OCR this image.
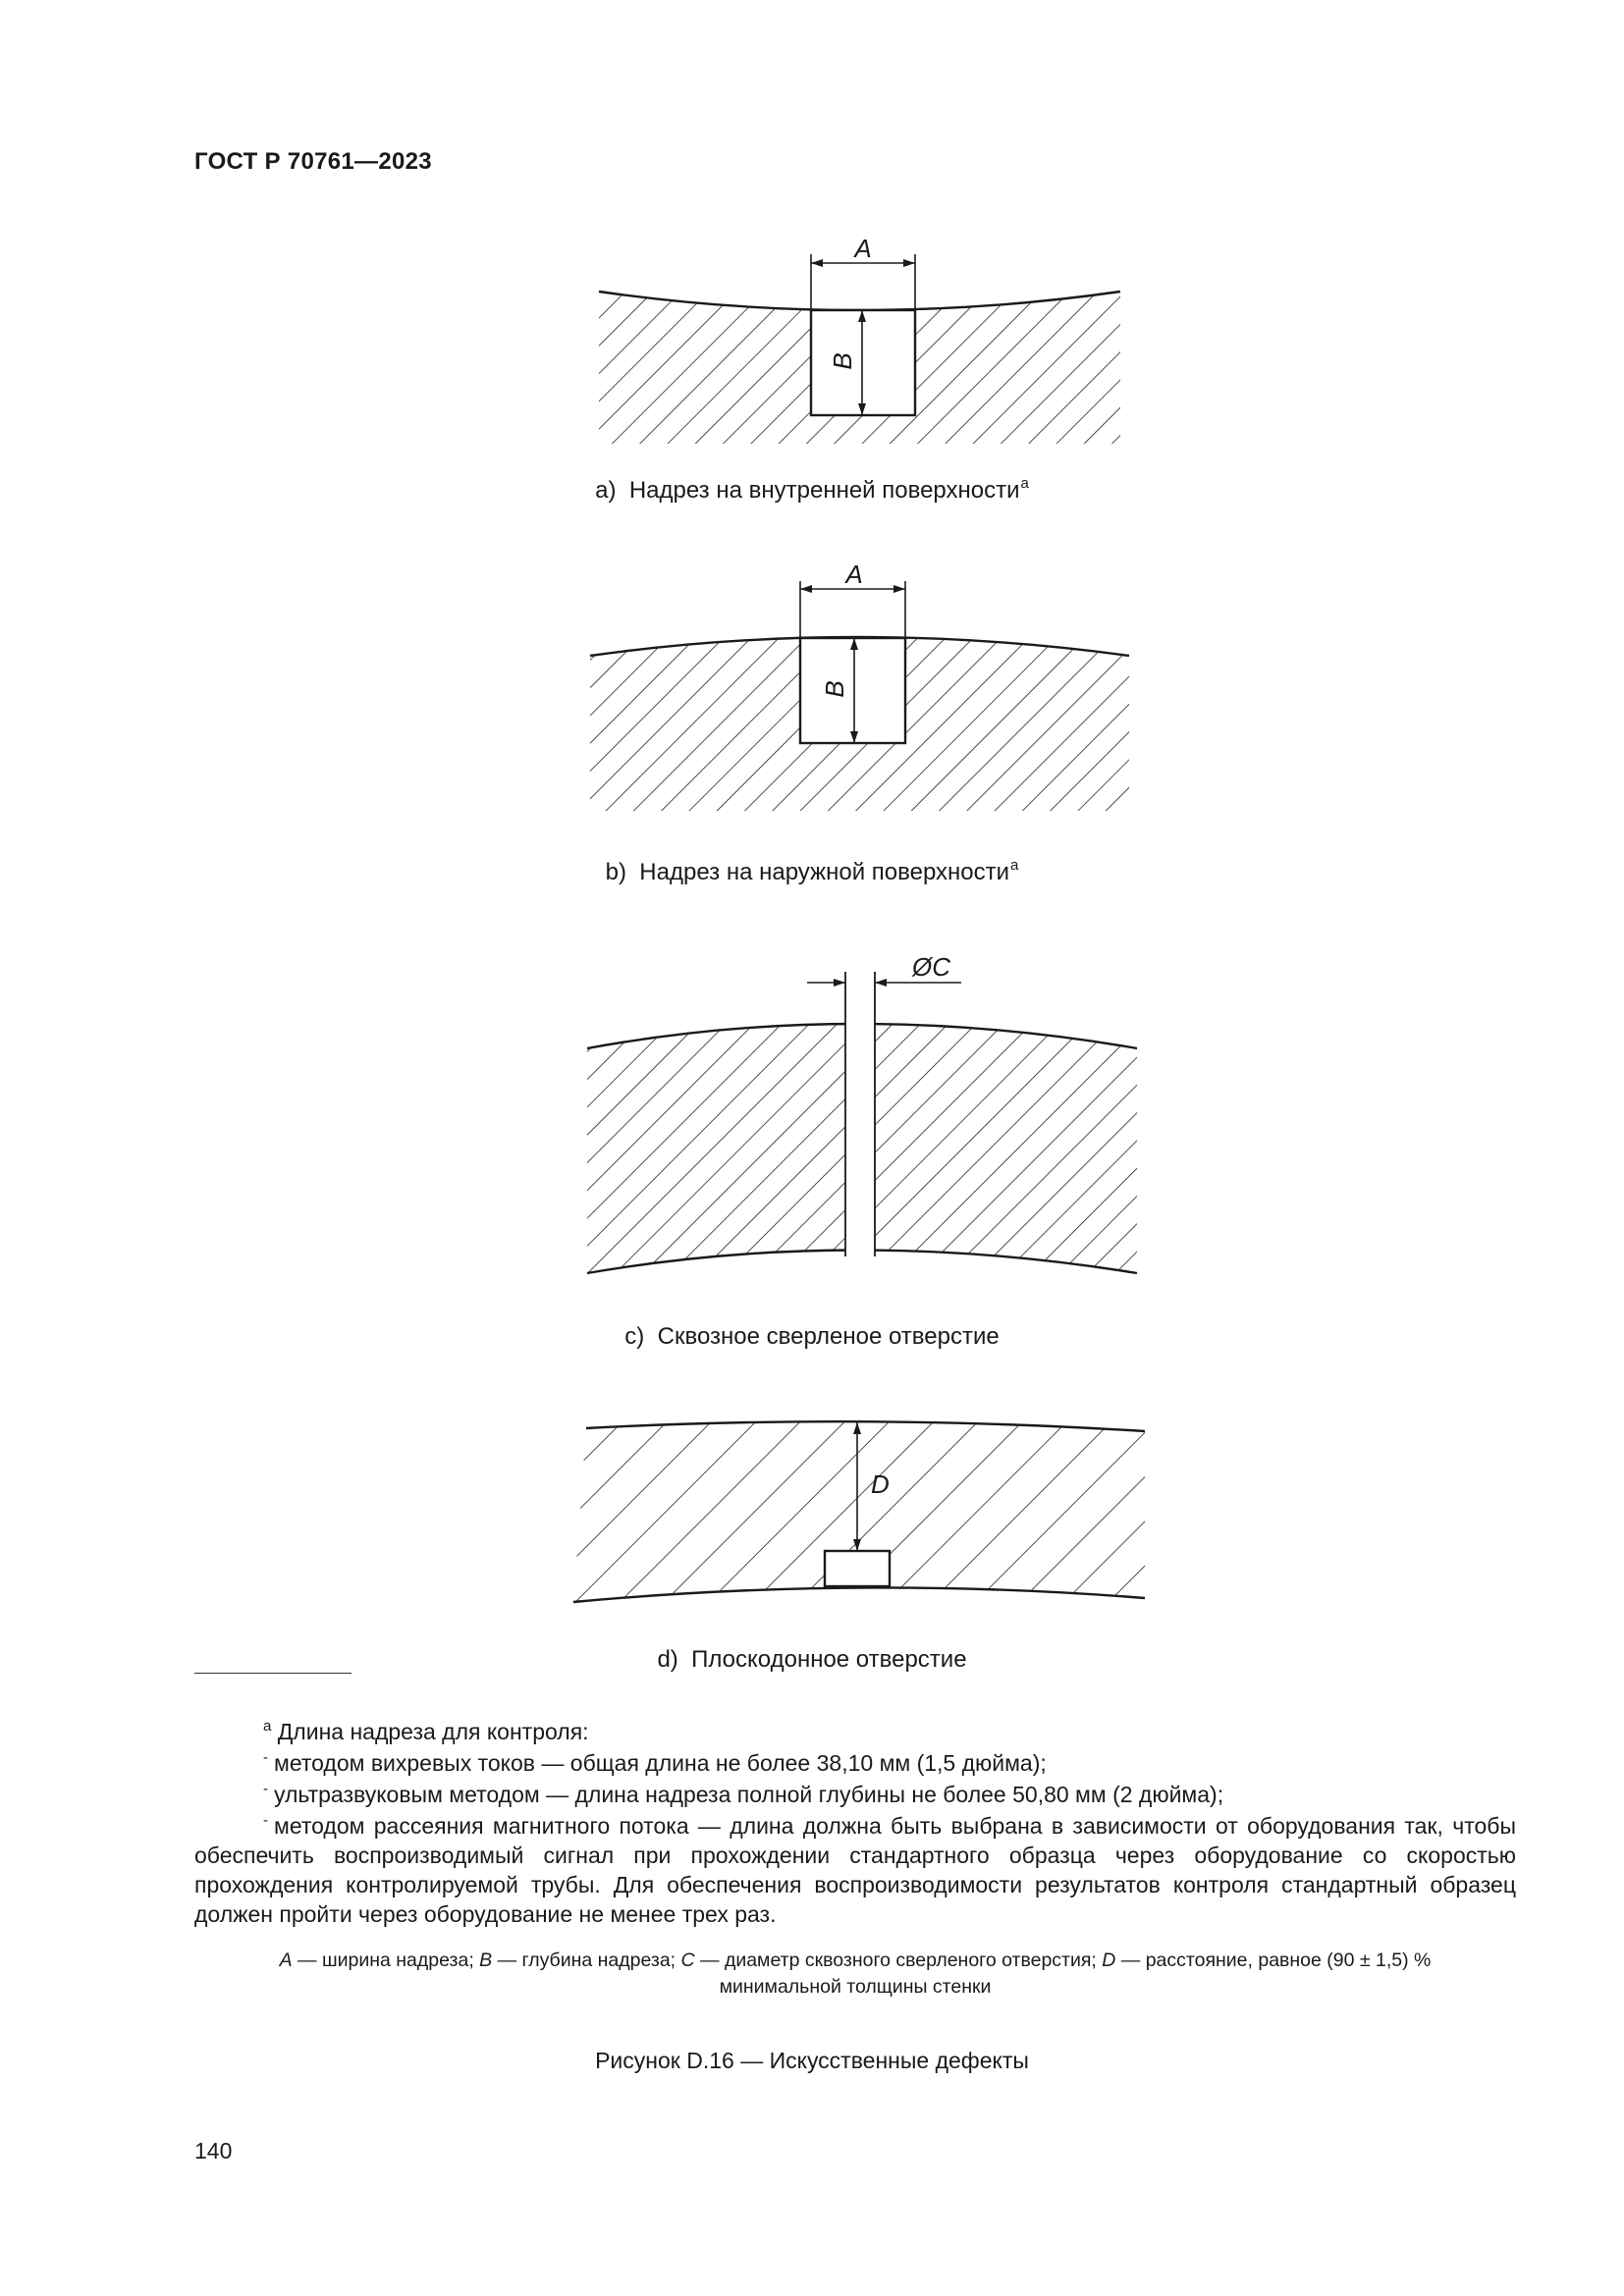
ГОСТ Р 70761—2023
A
B
A
B
ØC
D
a) Надрез на внутренней поверхности$^a$
b) Надрез на наружной поверхности$^a$
c) Сквозное сверленое отверстие
d) Плоскодонное отверстие
$^a$ Длина надреза для контроля:
- методом вихревых токов — общая длина не более 38,10 мм (1,5 дюйма);
- ультразвуковым методом — длина надреза полной глубины не более 50,80 мм (2 дюйма);
- методом рассеяния магнитного потока — длина должна быть выбрана в зависимости от оборудования так, чтобы обеспечить воспроизводимый сигнал при прохождении стандартного образца через оборудование со скоростью прохождения контролируемой трубы. Для обеспечения воспроизводимости результатов контроля стандартный образец должен пройти через оборудование не менее трех раз.
A — ширина надреза; B — глубина надреза; C — диаметр сквозного сверленого отверстия; D — расстояние, равное (90 ± 1,5) %
минимальной толщины стенки
Рисунок D.16 — Искусственные дефекты
140
